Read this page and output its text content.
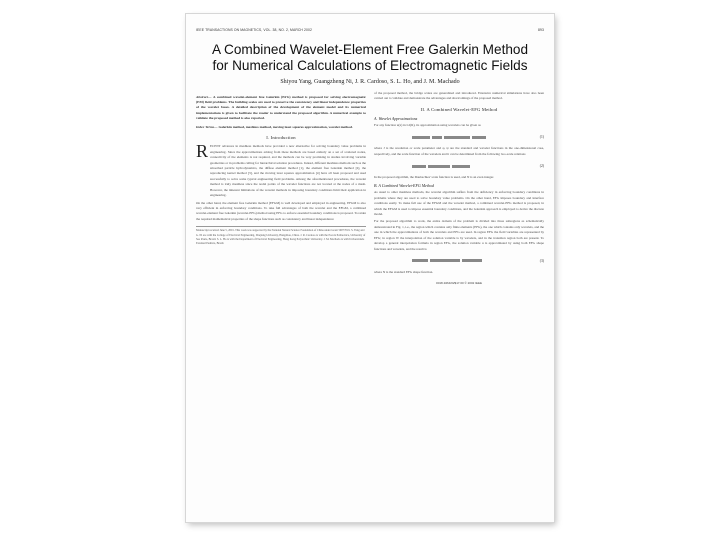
IEEE TRANSACTIONS ON MAGNETICS, VOL. 38, NO. 2, MARCH 2002	893
A Combined Wavelet-Element Free Galerkin Method
for Numerical Calculations of Electromagnetic Fields
Shiyou Yang, Guangzheng Ni, J. R. Cardoso, S. L. Ho, and J. M. Machado

Abstract— A combined wavelet-element free Galerkin (EFG) method is proposed for solving electromagnetic (EM) field problems. The building scales are used to preserve the consistency and linear independence properties of the wavelet bases. A detailed description of the development of the element model and its numerical implementations is given to facilitate the reader to understand the proposed algorithm. A numerical example to validate the proposed method is also reported.

Index Terms— Galerkin method, meshless method, moving least squares approximation, wavelet method.

I. Introduction
R ECENT advances in meshless methods have provided a new alternative for solving boundary value problems in engineering. Since the approximations arising from these methods are based entirely on a set of scattered nodes, connectivity of the elements is not required, and the methods can be very promising in studies involving variable geometries or in problems calling for hierarchical solution procedures. Indeed, different meshless methods such as the smoothed particle hydrodynamics, the diffuse element method [1], the element free Galerkin method [2], the reproducing kernel method [3], and the moving least squares approximation [4] have all been proposed and used successfully to solve some typical engineering field problems. Among the aforementioned procedures, the wavelet method is truly meshless since the nodal points of the wavelet functions are not located at the nodes of a mesh. However, the inherent limitations of the wavelet methods in imposing boundary conditions limit their application in engineering.

On the other hand, the element free Galerkin method (EFGM) is well developed and employed in engineering. EFGM is also very efficient in enforcing boundary conditions. To take full advantages of both the wavelet and the EFGM, a combined wavelet-element free Galerkin (wavelet-EFG) method using EFG to enforce essential boundary conditions is proposed. To retain the required mathematical properties of the shape functions such as consistency and linear independence

Manuscript received June 5, 2001. This work was supported by the National Natural Science Foundation of China under Grant 50077019. S. Yang and G. Ni are with the College of Electrical Engineering, Zhejiang University, Hangzhou, China. J. R. Cardoso is with the Escola Politecnica, University of Sao Paulo, Brazil. S. L. Ho is with the Department of Electrical Engineering, Hong Kong Polytechnic University. J. M. Machado is with Universidade Estadual Paulista, Brazil.

of the proposed method, the bridge scales are generalized and introduced. Extensive numerical simulations have also been carried out to validate and demonstrate the advantages and shortcomings of the proposed method.

II. A Combined Wavelet-EFG Method
A. Wavelet Approximations

For any function u(x) in L2(R), its approximation using wavelets can be given as

(1)

where J is the resolution or scale parameter and φ, ψ are the standard and wavelet functions in the one-dimensional case, respectively, and the scale function of the wavelets and it can be determined from the following two-scale relations

(2)

In the proposed algorithm, the Daubechies' scale function is used, and N is an even integer.

B. A Combined Wavelet-EFG Method

As usual to other meshless methods, the wavelet algorithm suffers from the deficiency in enforcing boundary conditions in problems where they are used to solve boundary value problems. On the other hand, EFG imposes boundary and interface conditions easily. To make full use of the EFGM and the wavelet method, a combined wavelet-EFG method is proposed, in which the EFGM is used to impose essential boundary conditions, and the Galerkin approach is employed to derive the discrete model.

For the proposed algorithm to work, the entire domain of the problem is divided into three subregions as schematically demonstrated in Fig. 1, i.e., the region which contains only finite elements (EFG), the one which contains only wavelets, and the one in which the approximations of both the wavelets and EFG are used. In region EFG the field variables are represented by EFG; in region W the interpolation of the solution variable is by wavelets, and in the transition region both are present. To develop a general interpolation formula in region EFG, the solution variable u is approximated by using both EFG shape functions and wavelets, and the result is

(3)

where N is the standard EFG shape function.

0018-9464/02$17.00 © 2002 IEEE
